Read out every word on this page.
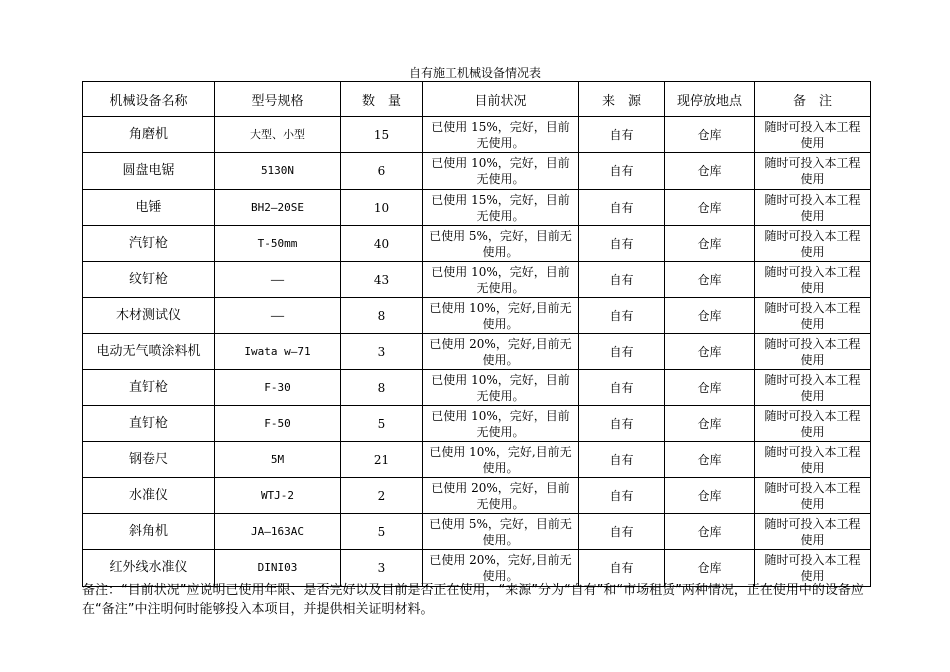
自有施工机械设备情况表
机械设备名称	型号规格	数　量	目前状况	来　源	现停放地点	备　注
角磨机	大型、小型	15	已使用 15%，完好，目前无使用。	自有	仓库	随时可投入本工程使用
圆盘电锯	5130N	6	已使用 10%，完好，目前无使用。	自有	仓库	随时可投入本工程使用
电锤	BH2—20SE	10	已使用 15%，完好，目前无使用。	自有	仓库	随时可投入本工程使用
汽钉枪	T-50mm	40	已使用 5%，完好，目前无使用。	自有	仓库	随时可投入本工程使用
纹钉枪	——	43	已使用 10%，完好，目前无使用。	自有	仓库	随时可投入本工程使用
木材测试仪	——	8	已使用 10%，完好,目前无使用。	自有	仓库	随时可投入本工程使用
电动无气喷涂料机	Iwata w—71	3	已使用 20%，完好,目前无使用。	自有	仓库	随时可投入本工程使用
直钉枪	F-30	8	已使用 10%，完好，目前无使用。	自有	仓库	随时可投入本工程使用
直钉枪	F-50	5	已使用 10%，完好，目前无使用。	自有	仓库	随时可投入本工程使用
钢卷尺	5M	21	已使用 10%，完好,目前无使用。	自有	仓库	随时可投入本工程使用
水准仪	WTJ-2	2	已使用 20%，完好，目前无使用。	自有	仓库	随时可投入本工程使用
斜角机	JA—163AC	5	已使用 5%，完好，目前无使用。	自有	仓库	随时可投入本工程使用
红外线水准仪	DINI03	3	已使用 20%，完好,目前无使用。	自有	仓库	随时可投入本工程使用
备注：“目前状况”应说明已使用年限、是否完好以及目前是否正在使用，“来源”分为“自有”和“市场租赁”两种情况，正在使用中的设备应在“备注”中注明何时能够投入本项目，并提供相关证明材料。
